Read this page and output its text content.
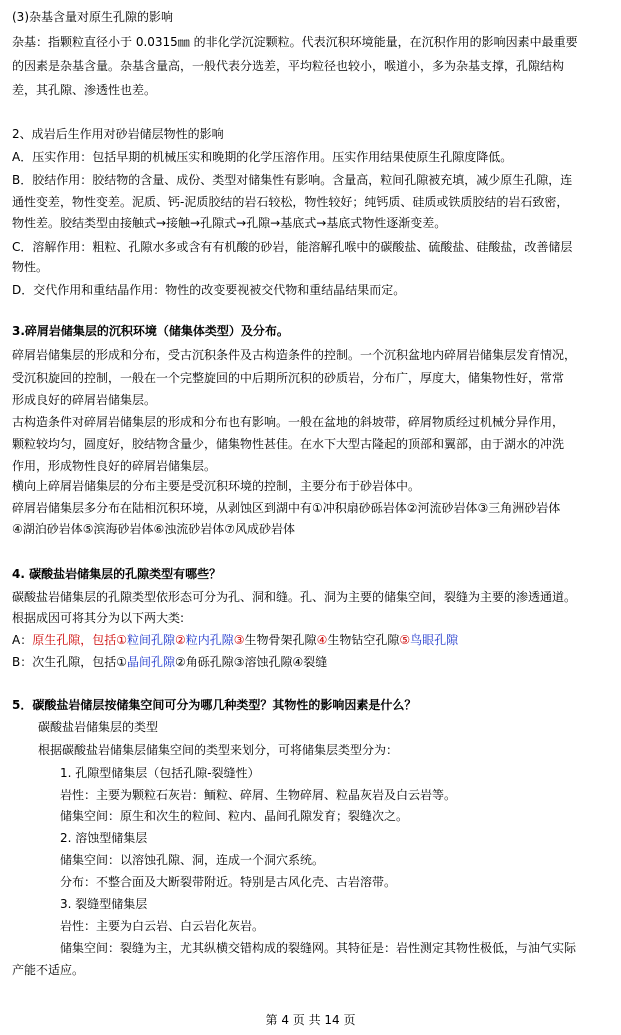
(3)杂基含量对原生孔隙的影响
杂基：指颗粒直径小于 0.0315㎜ 的非化学沉淀颗粒。代表沉积环境能量，在沉积作用的影响因素中最重要
的因素是杂基含量。杂基含量高，一般代表分选差，平均粒径也较小，喉道小，多为杂基支撑，孔隙结构
差，其孔隙、渗透性也差。
2、成岩后生作用对砂岩储层物性的影响
A．压实作用：包括早期的机械压实和晚期的化学压溶作用。压实作用结果使原生孔隙度降低。
B．胶结作用：胶结物的含量、成份、类型对储集性有影响。含量高，粒间孔隙被充填，减少原生孔隙，连
通性变差，物性变差。泥质、钙-泥质胶结的岩石较松，物性较好；纯钙质、硅质或铁质胶结的岩石致密，
物性差。胶结类型由接触式→接触→孔隙式→孔隙→基底式→基底式物性逐渐变差。
C．溶解作用：粗粒、孔隙水多或含有有机酸的砂岩，能溶解孔喉中的碳酸盐、硫酸盐、硅酸盐，改善储层
物性。
D．交代作用和重结晶作用：物性的改变要视被交代物和重结晶结果而定。
3.碎屑岩储集层的沉积环境（储集体类型）及分布。
碎屑岩储集层的形成和分布，受古沉积条件及古构造条件的控制。一个沉积盆地内碎屑岩储集层发育情况，
受沉积旋回的控制，一般在一个完整旋回的中后期所沉积的砂质岩，分布广，厚度大，储集物性好，常常
形成良好的碎屑岩储集层。
古构造条件对碎屑岩储集层的形成和分布也有影响。一般在盆地的斜坡带，碎屑物质经过机械分异作用，
颗粒较均匀，圆度好，胶结物含量少，储集物性甚佳。在水下大型古隆起的顶部和翼部，由于湖水的冲洗
作用，形成物性良好的碎屑岩储集层。
横向上碎屑岩储集层的分布主要是受沉积环境的控制，主要分布于砂岩体中。
碎屑岩储集层多分布在陆相沉积环境，从剥蚀区到湖中有①冲积扇砂砾岩体②河流砂岩体③三角洲砂岩体
④湖泊砂岩体⑤滨海砂岩体⑥浊流砂岩体⑦风成砂岩体
4. 碳酸盐岩储集层的孔隙类型有哪些？
碳酸盐岩储集层的孔隙类型依形态可分为孔、洞和缝。孔、洞为主要的储集空间，裂缝为主要的渗透通道。
根据成因可将其分为以下两大类:
A：原生孔隙，包括①粒间孔隙②粒内孔隙③生物骨架孔隙④生物钻空孔隙⑤鸟眼孔隙
B：次生孔隙，包括①晶间孔隙②角砾孔隙③溶蚀孔隙④裂缝
5．碳酸盐岩储层按储集空间可分为哪几种类型？其物性的影响因素是什么？
碳酸盐岩储集层的类型
根据碳酸盐岩储集层储集空间的类型来划分，可将储集层类型分为：
1. 孔隙型储集层（包括孔隙-裂缝性）
岩性：主要为颗粒石灰岩：鲕粒、碎屑、生物碎屑、粒晶灰岩及白云岩等。
储集空间：原生和次生的粒间、粒内、晶间孔隙发育；裂缝次之。
2. 溶蚀型储集层
储集空间：以溶蚀孔隙、洞，连成一个洞穴系统。
分布：不整合面及大断裂带附近。特别是古风化壳、古岩溶带。
3. 裂缝型储集层
岩性：主要为白云岩、白云岩化灰岩。
储集空间：裂缝为主，尤其纵横交错构成的裂缝网。其特征是：岩性测定其物性极低，与油气实际
产能不适应。
第 4 页 共 14 页
